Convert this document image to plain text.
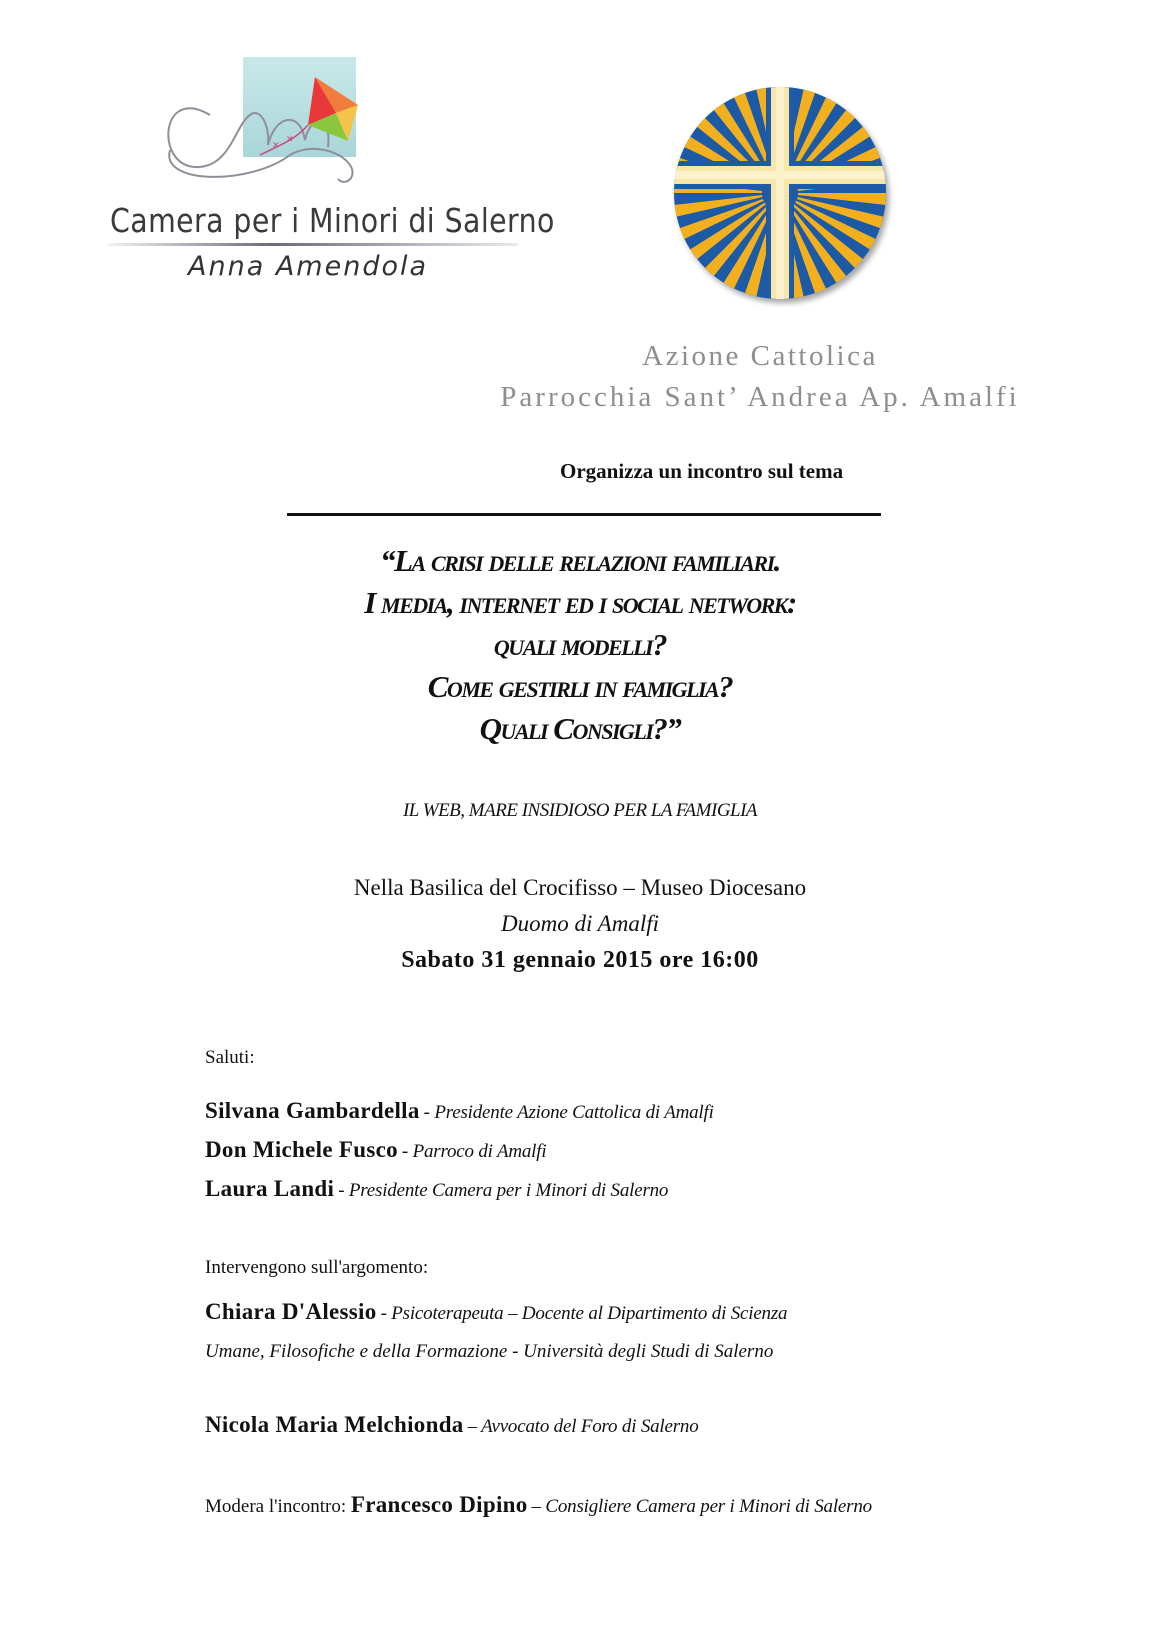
✕
✕
Camera per i Minori di Salerno
Anna Amendola
Azione Cattolica
Parrocchia Sant’ Andrea Ap. Amalfi
Organizza un incontro sul tema
“La crisi delle relazioni familiari.
I media, internet ed i social network:
quali modelli?
Come gestirli in famiglia?
Quali Consigli?”
IL WEB, MARE INSIDIOSO PER LA FAMIGLIA
Nella Basilica del Crocifisso – Museo Diocesano
Duomo di Amalfi
Sabato 31 gennaio 2015 ore 16:00
Saluti:
Silvana Gambardella - Presidente Azione Cattolica di Amalfi
Don Michele Fusco - Parroco di Amalfi
Laura Landi - Presidente Camera per i Minori di Salerno
Intervengono sull'argomento:
Chiara D'Alessio - Psicoterapeuta – Docente al Dipartimento di Scienza
Umane, Filosofiche e della Formazione - Università degli Studi di Salerno
Nicola Maria Melchionda – Avvocato del Foro di Salerno
Modera l'incontro: Francesco Dipino – Consigliere Camera per i Minori di Salerno
